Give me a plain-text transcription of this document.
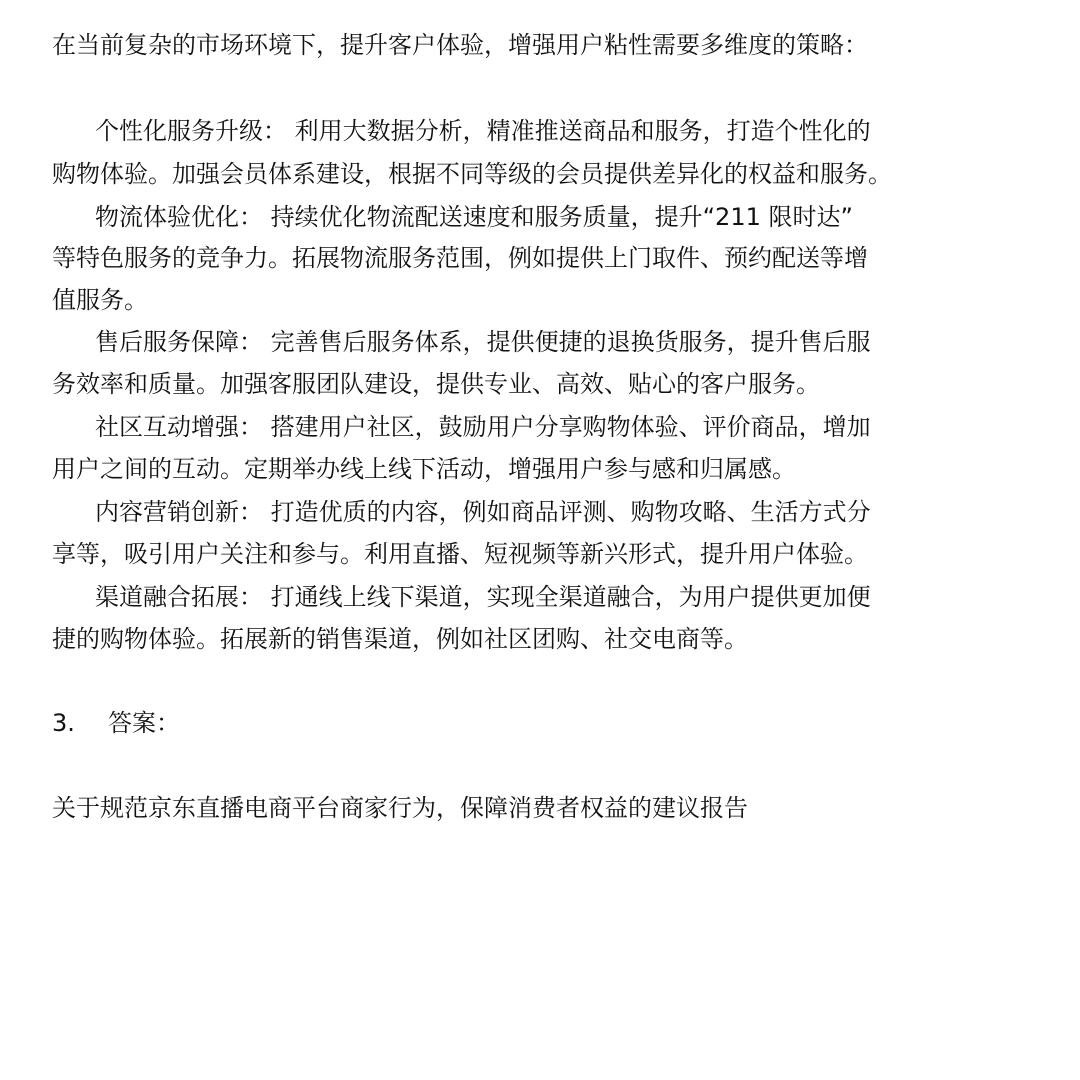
在当前复杂的市场环境下，提升客户体验，增强用户粘性需要多维度的策略：
个性化服务升级： 利用大数据分析，精准推送商品和服务，打造个性化的
购物体验。加强会员体系建设，根据不同等级的会员提供差异化的权益和服务。
物流体验优化： 持续优化物流配送速度和服务质量，提升“211 限时达”
等特色服务的竞争力。拓展物流服务范围，例如提供上门取件、预约配送等增
值服务。
售后服务保障： 完善售后服务体系，提供便捷的退换货服务，提升售后服
务效率和质量。加强客服团队建设，提供专业、高效、贴心的客户服务。
社区互动增强： 搭建用户社区，鼓励用户分享购物体验、评价商品，增加
用户之间的互动。定期举办线上线下活动，增强用户参与感和归属感。
内容营销创新： 打造优质的内容，例如商品评测、购物攻略、生活方式分
享等，吸引用户关注和参与。利用直播、短视频等新兴形式，提升用户体验。
渠道融合拓展： 打通线上线下渠道，实现全渠道融合，为用户提供更加便
捷的购物体验。拓展新的销售渠道，例如社区团购、社交电商等。
3. 答案：
关于规范京东直播电商平台商家行为，保障消费者权益的建议报告
